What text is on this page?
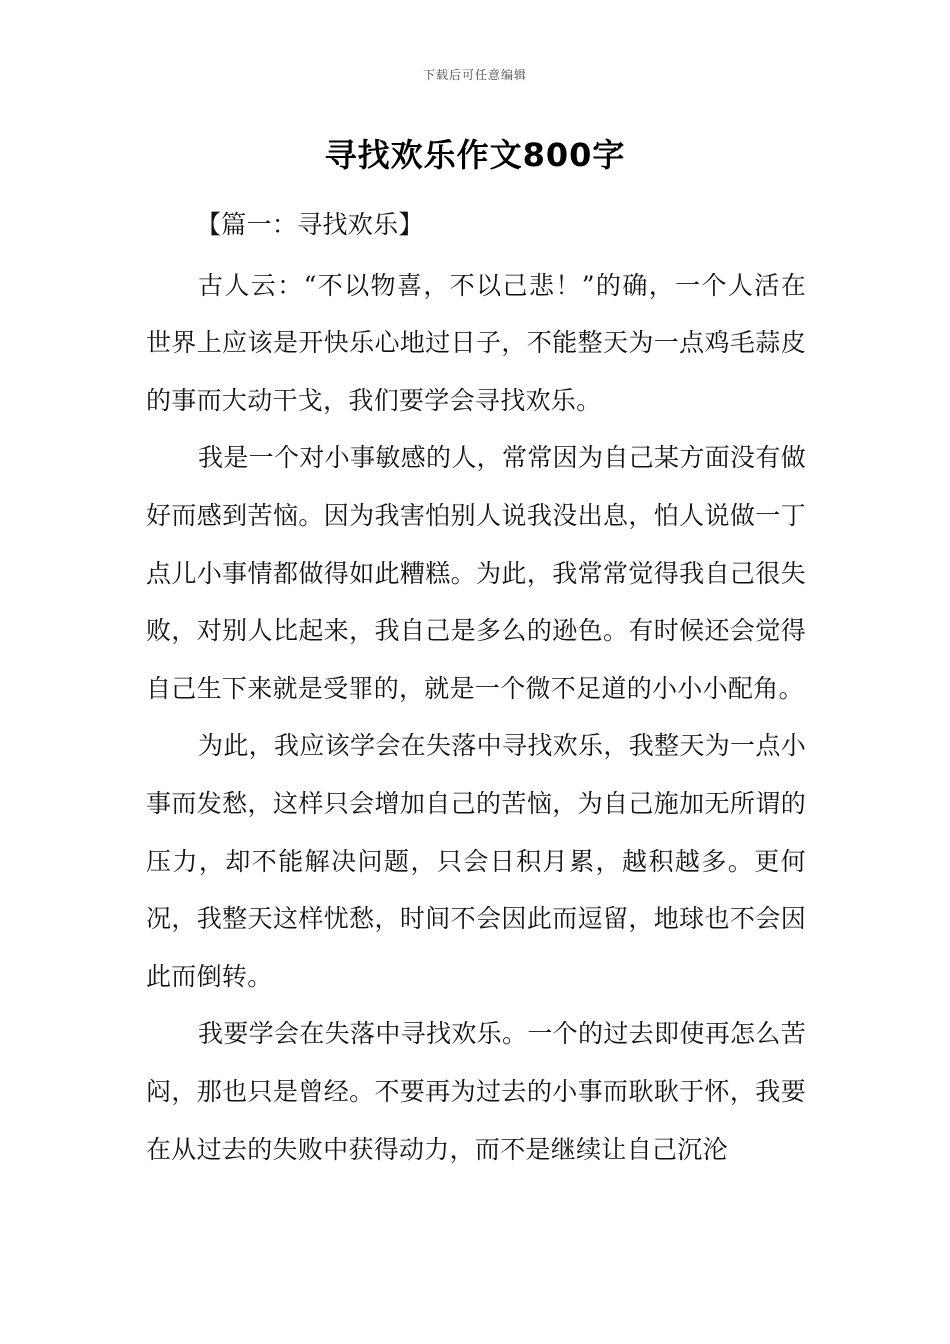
下载后可任意编辑
寻找欢乐作文800字
【篇一：寻找欢乐】

古人云：“不以物喜，不以己悲！”的确，一个人活在世界上应该是开快乐心地过日子，不能整天为一点鸡毛蒜皮的事而大动干戈，我们要学会寻找欢乐。

我是一个对小事敏感的人，常常因为自己某方面没有做好而感到苦恼。因为我害怕别人说我没出息，怕人说做一丁点儿小事情都做得如此糟糕。为此，我常常觉得我自己很失败，对别人比起来，我自己是多么的逊色。有时候还会觉得自己生下来就是受罪的，就是一个微不足道的小小小配角。

为此，我应该学会在失落中寻找欢乐，我整天为一点小事而发愁，这样只会增加自己的苦恼，为自己施加无所谓的压力，却不能解决问题，只会日积月累，越积越多。更何况，我整天这样忧愁，时间不会因此而逗留，地球也不会因此而倒转。

我要学会在失落中寻找欢乐。一个的过去即使再怎么苦闷，那也只是曾经。不要再为过去的小事而耿耿于怀，我要在从过去的失败中获得动力，而不是继续让自己沉沦
